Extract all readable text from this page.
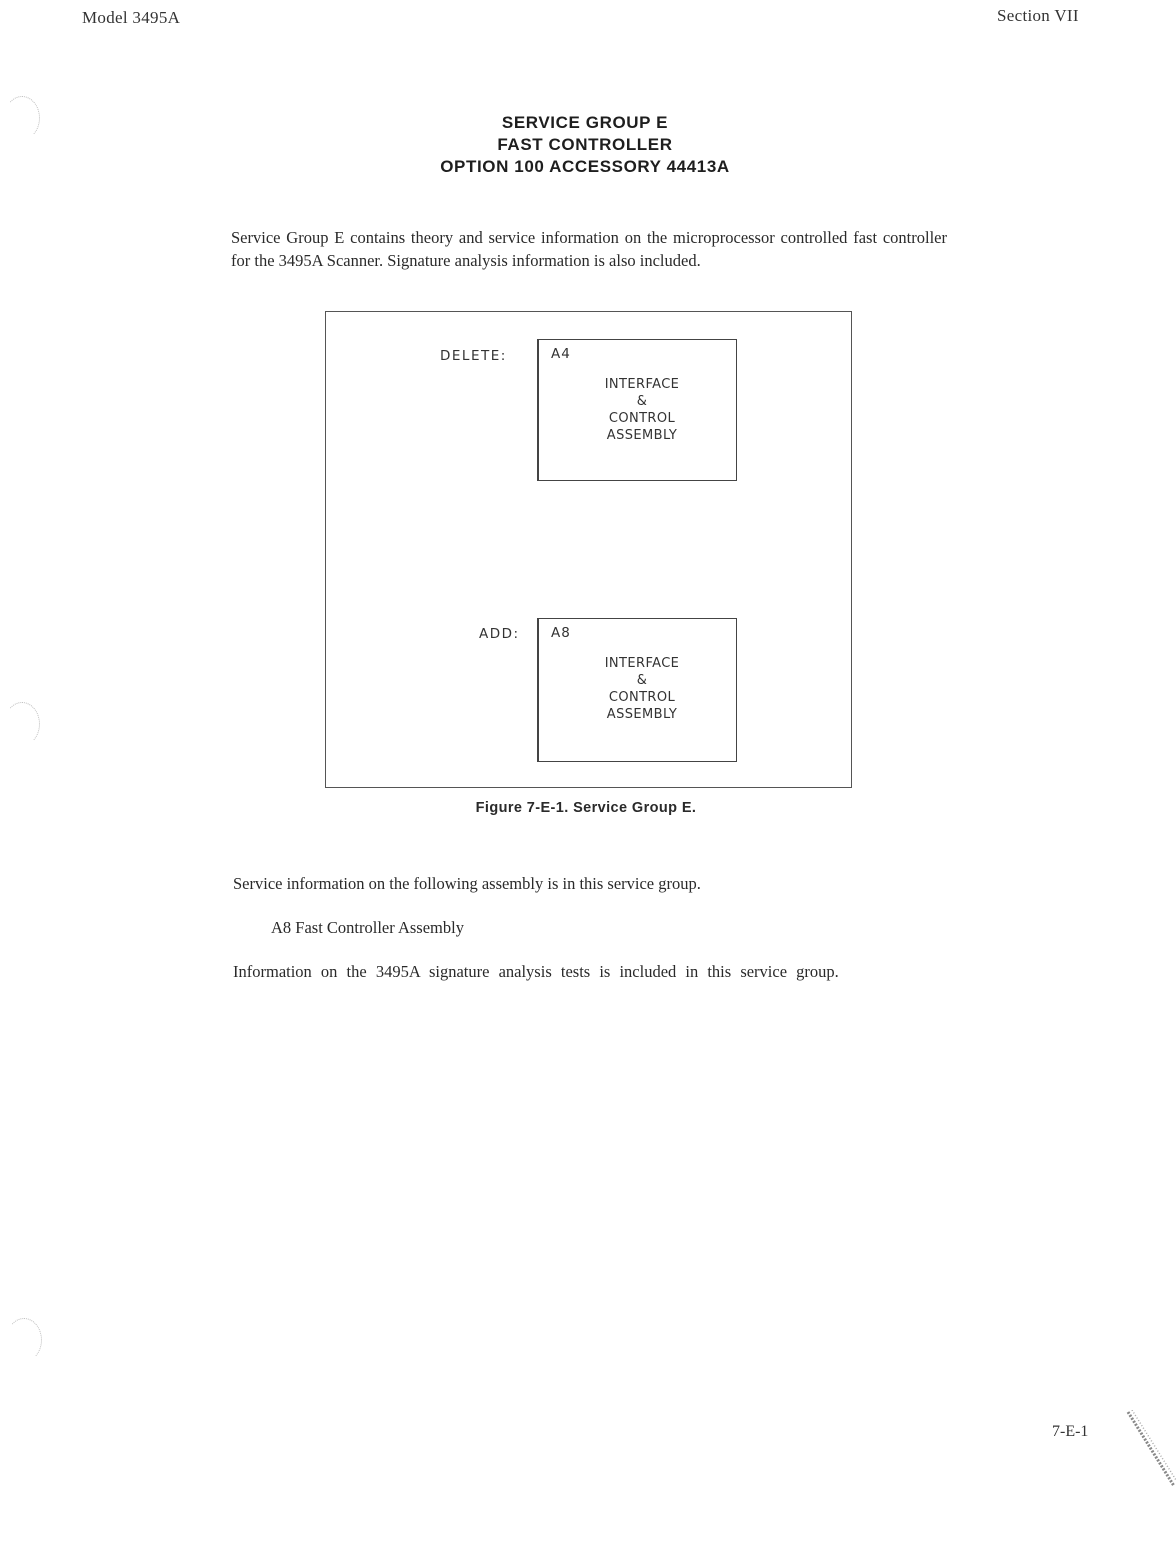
Model 3495A	Section VII
SERVICE GROUP E
FAST CONTROLLER
OPTION 100 ACCESSORY 44413A
Service Group E contains theory and service information on the microprocessor controlled fast controller for the 3495A Scanner. Signature analysis information is also included.
DELETE:	A4
INTERFACE
&
CONTROL
ASSEMBLY
ADD: A8
INTERFACE
&
CONTROL
ASSEMBLY
Figure 7-E-1. Service Group E.
Service information on the following assembly is in this service group.
A8 Fast Controller Assembly
Information on the 3495A signature analysis tests is included in this service group.
7-E-1
